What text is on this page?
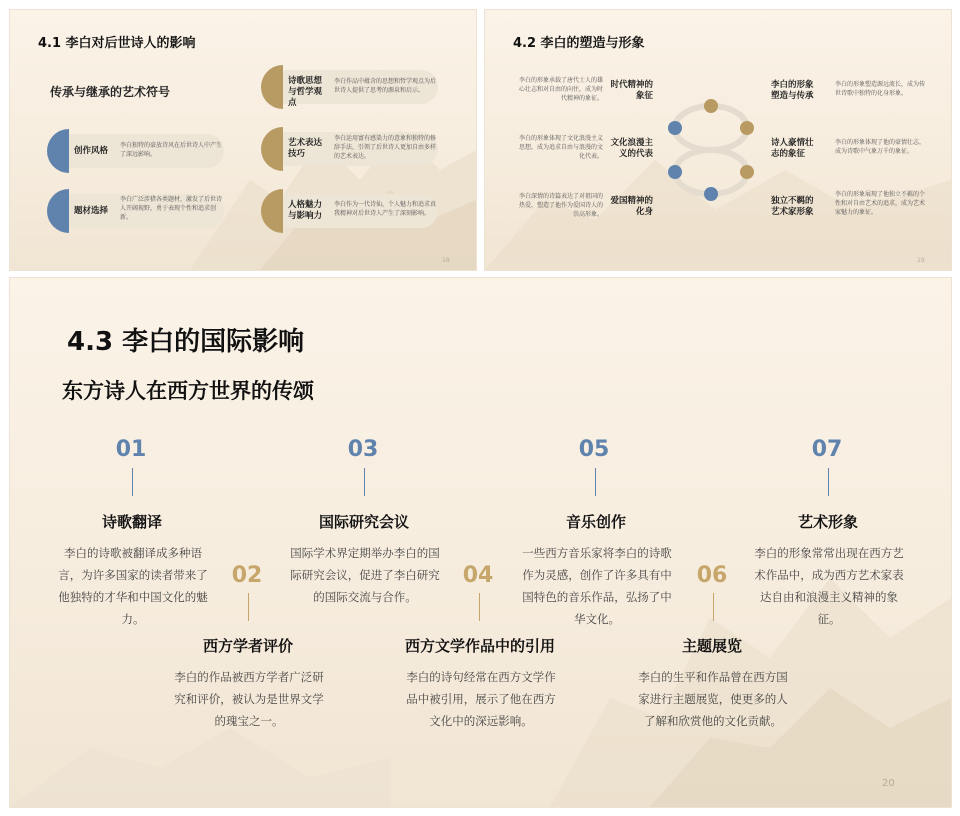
4.1 李白对后世诗人的影响
传承与继承的艺术符号
创作风格
李白独特的豪放诗风在后世诗人中产生了深远影响。
题材选择
李白广泛涉猎各类题材，激发了后世诗人开阔视野，勇于表现个性和追求创新。
诗歌思想与哲学观点
李白作品中蕴含的思想和哲学观点为后世诗人提供了思考的源泉和启示。
艺术表达技巧
李白运用富有感染力的意象和独特的修辞手法，引领了后世诗人更加自由多样的艺术表达。
人格魅力与影响力
李白作为一代诗仙，个人魅力和追求真我精神对后世诗人产生了深刻影响。
18
4.2 李白的塑造与形象
李白的形象承载了唐代士人的雄心壮志和对自由的向往，成为时代精神的象征。
时代精神的象征
李白的形象体现了文化浪漫主义思想，成为追求自由与浪漫的文化代表。
文化浪漫主义的代表
李白深情的诗篇表达了对祖国的热爱，塑造了他作为爱国诗人的崇高形象。
爱国精神的化身
李白的形象塑造与传承
李白的形象塑造源远流长，成为传世诗歌中独特的化身形象。
诗人豪情壮志的象征
李白的形象体现了他的豪情壮志，成为诗歌中气象万千的象征。
独立不羁的艺术家形象
李白的形象展现了他独立不羁的个性和对自由艺术的追求，成为艺术家魅力的象征。
19
4.3 李白的国际影响
东方诗人在西方世界的传颂
01
诗歌翻译
李白的诗歌被翻译成多种语言，为许多国家的读者带来了他独特的才华和中国文化的魅力。
02
西方学者评价
李白的作品被西方学者广泛研究和评价，被认为是世界文学的瑰宝之一。
03
国际研究会议
国际学术界定期举办李白的国际研究会议，促进了李白研究的国际交流与合作。
04
西方文学作品中的引用
李白的诗句经常在西方文学作品中被引用，展示了他在西方文化中的深远影响。
05
音乐创作
一些西方音乐家将李白的诗歌作为灵感，创作了许多具有中国特色的音乐作品，弘扬了中华文化。
06
主题展览
李白的生平和作品曾在西方国家进行主题展览，使更多的人了解和欣赏他的文化贡献。
07
艺术形象
李白的形象常常出现在西方艺术作品中，成为西方艺术家表达自由和浪漫主义精神的象征。
20
